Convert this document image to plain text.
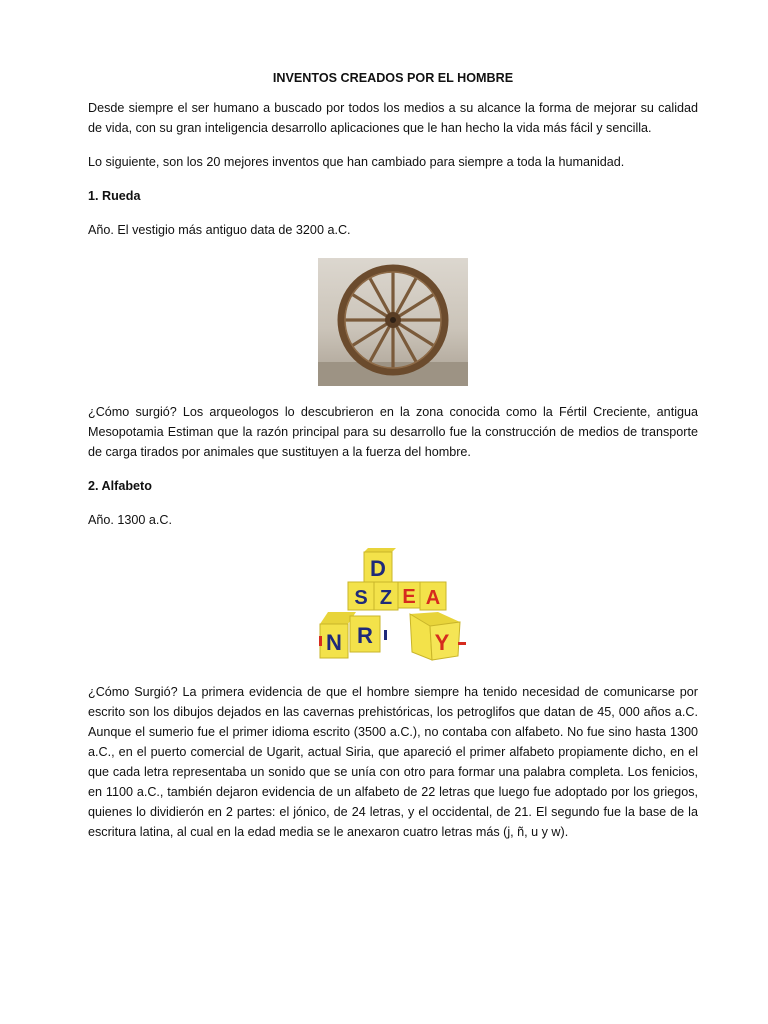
INVENTOS CREADOS POR EL HOMBRE

Desde siempre el ser humano a buscado por todos los medios a su alcance la forma de mejorar su calidad de vida, con su gran inteligencia desarrollo aplicaciones que le han hecho la vida más fácil y sencilla.

Lo siguiente, son los 20 mejores inventos que han cambiado para siempre a toda la humanidad.

1. Rueda

Año. El vestigio más antiguo data de 3200 a.C.

¿Cómo surgió? Los arqueologos lo descubrieron en la zona conocida como la Fértil Creciente, antigua Mesopotamia Estiman que la razón principal para su desarrollo fue la construcción de medios de transporte de carga tirados por animales que sustituyen a la fuerza del hombre.

2. Alfabeto

Año. 1300 a.C.

D
S Z E A
N R	Y

¿Cómo Surgió? La primera evidencia de que el hombre siempre ha tenido necesidad de comunicarse por escrito son los dibujos dejados en las cavernas prehistóricas, los petroglifos que datan de 45, 000 años a.C. Aunque el sumerio fue el primer idioma escrito (3500 a.C.), no contaba con alfabeto. No fue sino hasta 1300 a.C., en el puerto comercial de Ugarit, actual Siria, que apareció el primer alfabeto propiamente dicho, en el que cada letra representaba un sonido que se unía con otro para formar una palabra completa. Los fenicios, en 1100 a.C., también dejaron evidencia de un alfabeto de 22 letras que luego fue adoptado por los griegos, quienes lo dividierón en 2 partes: el jónico, de 24 letras, y el occidental, de 21. El segundo fue la base de la escritura latina, al cual en la edad media se le anexaron cuatro letras más (j, ñ, u y w).
